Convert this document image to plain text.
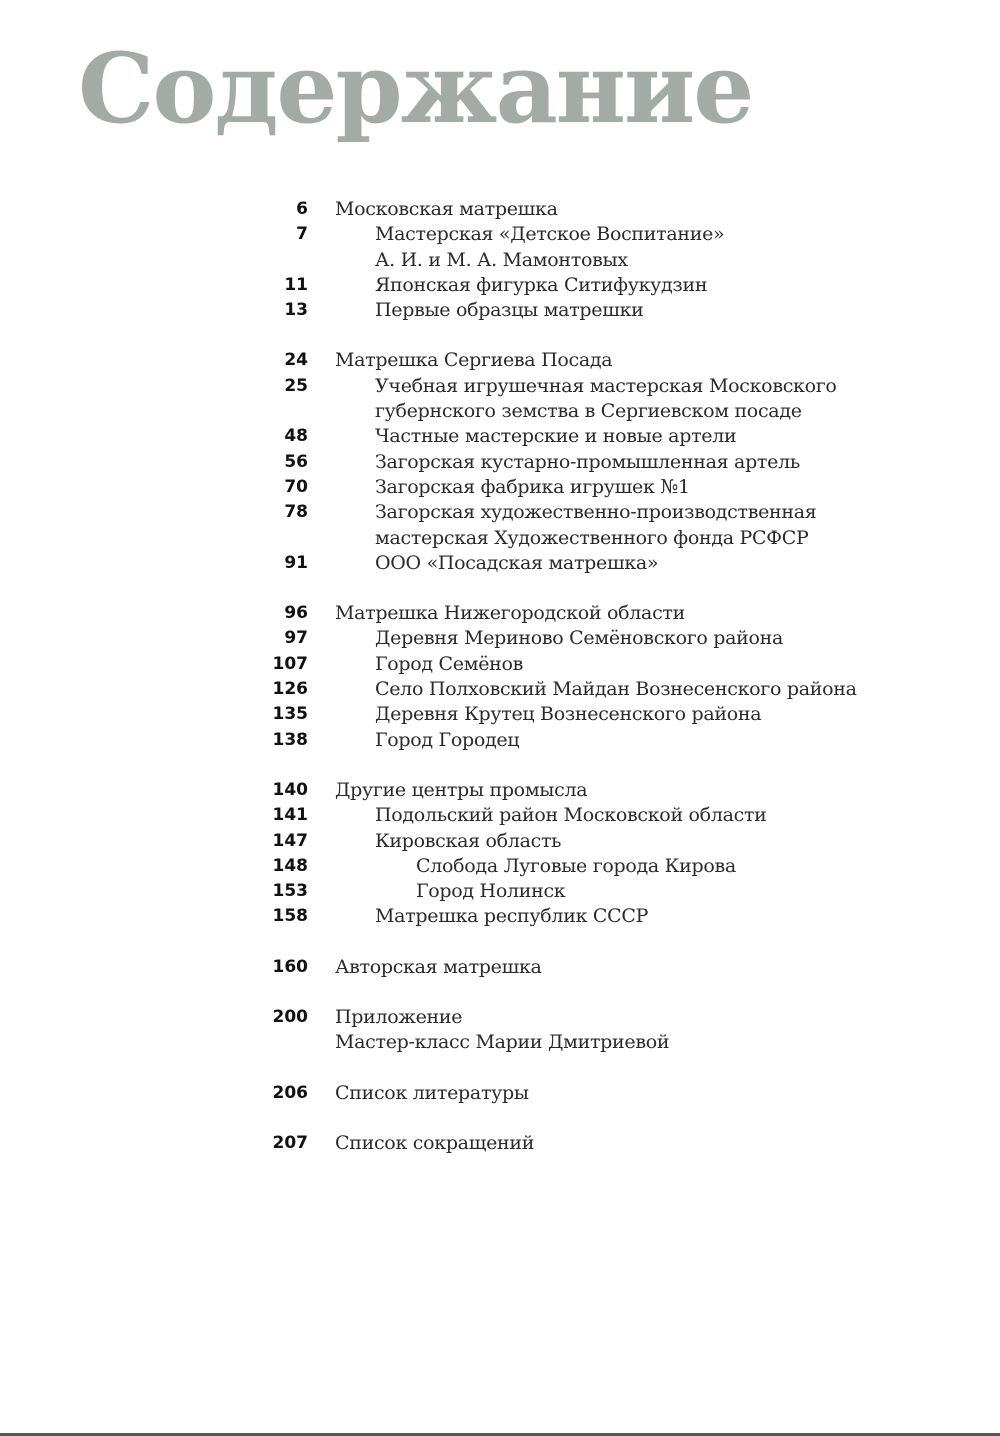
Содержание
6 Московская матрешка
7	Мастерская «Детское Воспитание»
А. И. и М. А. Мамонтовых
11	Японская фигурка Ситифукудзин
13	Первые образцы матрешки
24 Матрешка Сергиева Посада
25	Учебная игрушечная мастерская Московского
губернского земства в Сергиевском посаде
48	Частные мастерские и новые артели
56	Загорская кустарно-промышленная артель
70	Загорская фабрика игрушек №1
78	Загорская художественно-производственная
мастерская Художественного фонда РСФСР
91	ООО «Посадская матрешка»
96 Матрешка Нижегородской области
97	Деревня Мериново Семёновского района
107	Город Семёнов
126	Село Полховский Майдан Вознесенского района
135	Деревня Крутец Вознесенского района
138	Город Городец
140 Другие центры промысла
141	Подольский район Московской области
147	Кировская область
148	Слобода Луговые города Кирова
153	Город Нолинск
158	Матрешка республик СССР
160 Авторская матрешка
200 Приложение
Мастер-класс Марии Дмитриевой
206 Список литературы
207 Список сокращений
